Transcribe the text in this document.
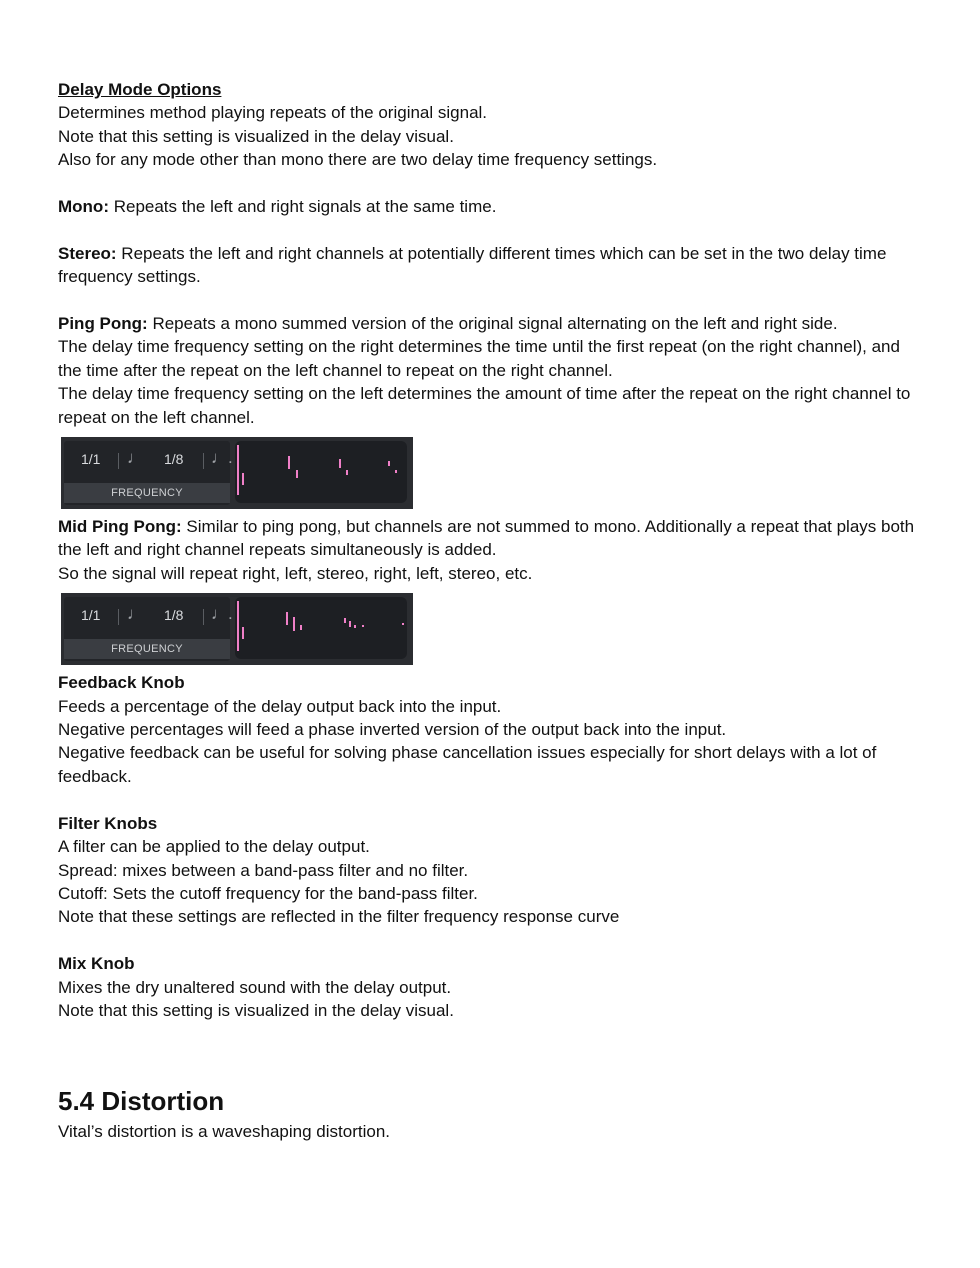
Delay Mode Options

Determines method playing repeats of the original signal.

Note that this setting is visualized in the delay visual.

Also for any mode other than mono there are two delay time frequency settings.

Mono: Repeats the left and right signals at the same time.

Stereo: Repeats the left and right channels at potentially different times which can be set in the two delay time frequency settings.

Ping Pong: Repeats a mono summed version of the original signal alternating on the left and right side.

The delay time frequency setting on the right determines the time until the first repeat (on the right channel), and the time after the repeat on the left channel to repeat on the right channel.

The delay time frequency setting on the left determines the amount of time after the repeat on the right channel to repeat on the left channel.

1/1 ♩ 1/8 ♩.
FREQUENCY

Mid Ping Pong: Similar to ping pong, but channels are not summed to mono. Additionally a repeat that plays both the left and right channel repeats simultaneously is added.

So the signal will repeat right, left, stereo, right, left, stereo, etc.

1/1 ♩ 1/8 ♩.
FREQUENCY

Feedback Knob

Feeds a percentage of the delay output back into the input.

Negative percentages will feed a phase inverted version of the output back into the input.

Negative feedback can be useful for solving phase cancellation issues especially for short delays with a lot of feedback.

Filter Knobs

A filter can be applied to the delay output.

Spread: mixes between a band-pass filter and no filter.

Cutoff: Sets the cutoff frequency for the band-pass filter.

Note that these settings are reflected in the filter frequency response curve

Mix Knob

Mixes the dry unaltered sound with the delay output.

Note that this setting is visualized in the delay visual.

5.4 Distortion

Vital’s distortion is a waveshaping distortion.
